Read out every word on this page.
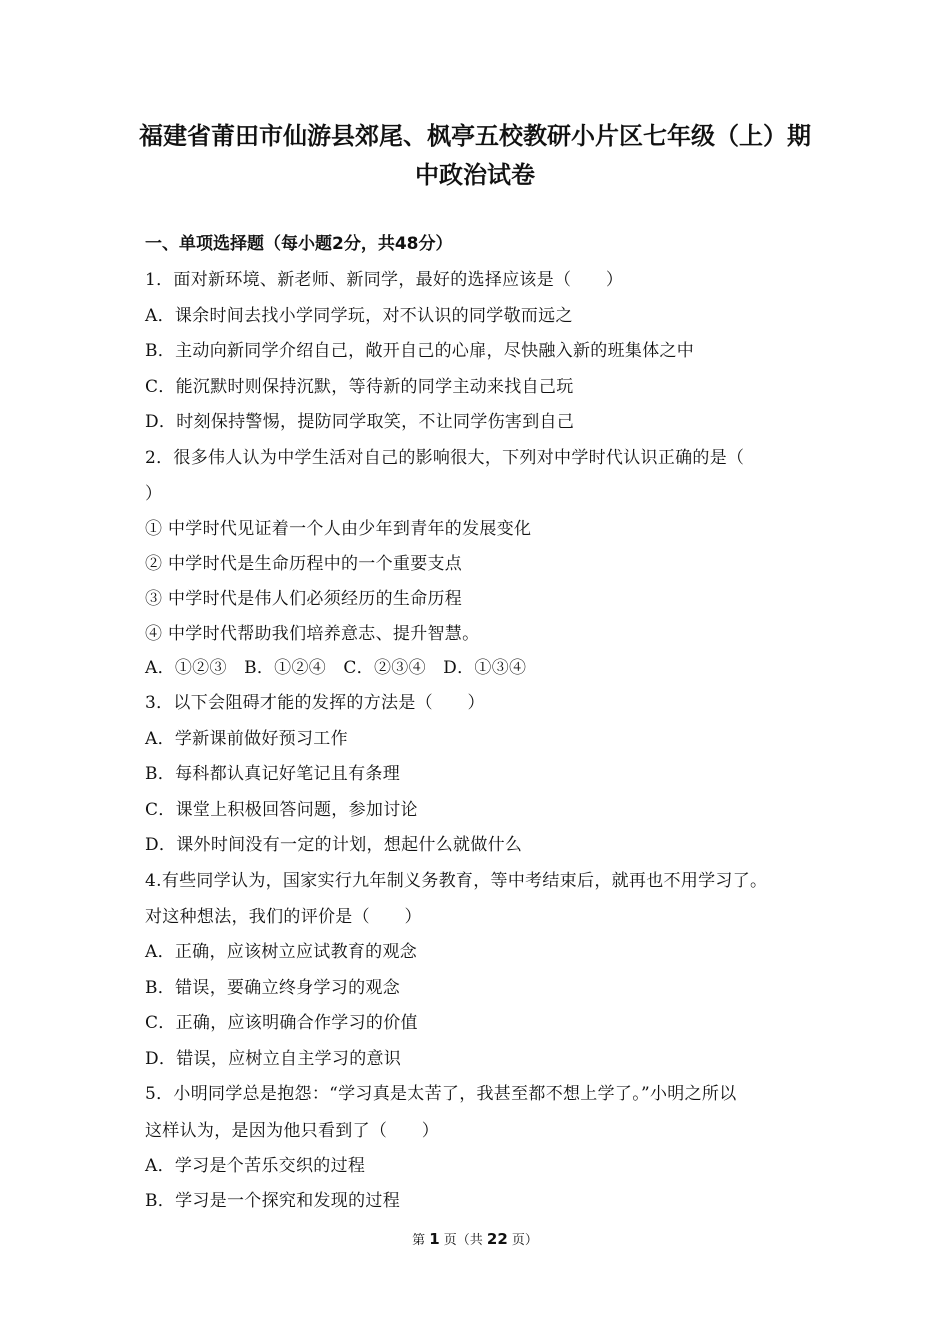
福建省莆田市仙游县郊尾、枫亭五校教研小片区七年级（上）期
中政治试卷
一、单项选择题（每小题2分，共48分）
1．面对新环境、新老师、新同学，最好的选择应该是（　　）
A．课余时间去找小学同学玩，对不认识的同学敬而远之
B．主动向新同学介绍自己，敞开自己的心扉，尽快融入新的班集体之中
C．能沉默时则保持沉默，等待新的同学主动来找自己玩
D．时刻保持警惕，提防同学取笑，不让同学伤害到自己
2．很多伟人认为中学生活对自己的影响很大，下列对中学时代认识正确的是（
）
① 中学时代见证着一个人由少年到青年的发展变化
② 中学时代是生命历程中的一个重要支点
③ 中学时代是伟人们必须经历的生命历程
④ 中学时代帮助我们培养意志、提升智慧。
A．①②③　B．①②④　C．②③④　D．①③④
3．以下会阻碍才能的发挥的方法是（　　）
A．学新课前做好预习工作
B．每科都认真记好笔记且有条理
C．课堂上积极回答问题，参加讨论
D．课外时间没有一定的计划，想起什么就做什么
4.有些同学认为，国家实行九年制义务教育，等中考结束后，就再也不用学习了。
对这种想法，我们的评价是（　　）
A．正确，应该树立应试教育的观念
B．错误，要确立终身学习的观念
C．正确，应该明确合作学习的价值
D．错误，应树立自主学习的意识
5．小明同学总是抱怨：“学习真是太苦了，我甚至都不想上学了。”小明之所以
这样认为，是因为他只看到了（　　）
A．学习是个苦乐交织的过程
B．学习是一个探究和发现的过程
第 1 页（共 22 页）
